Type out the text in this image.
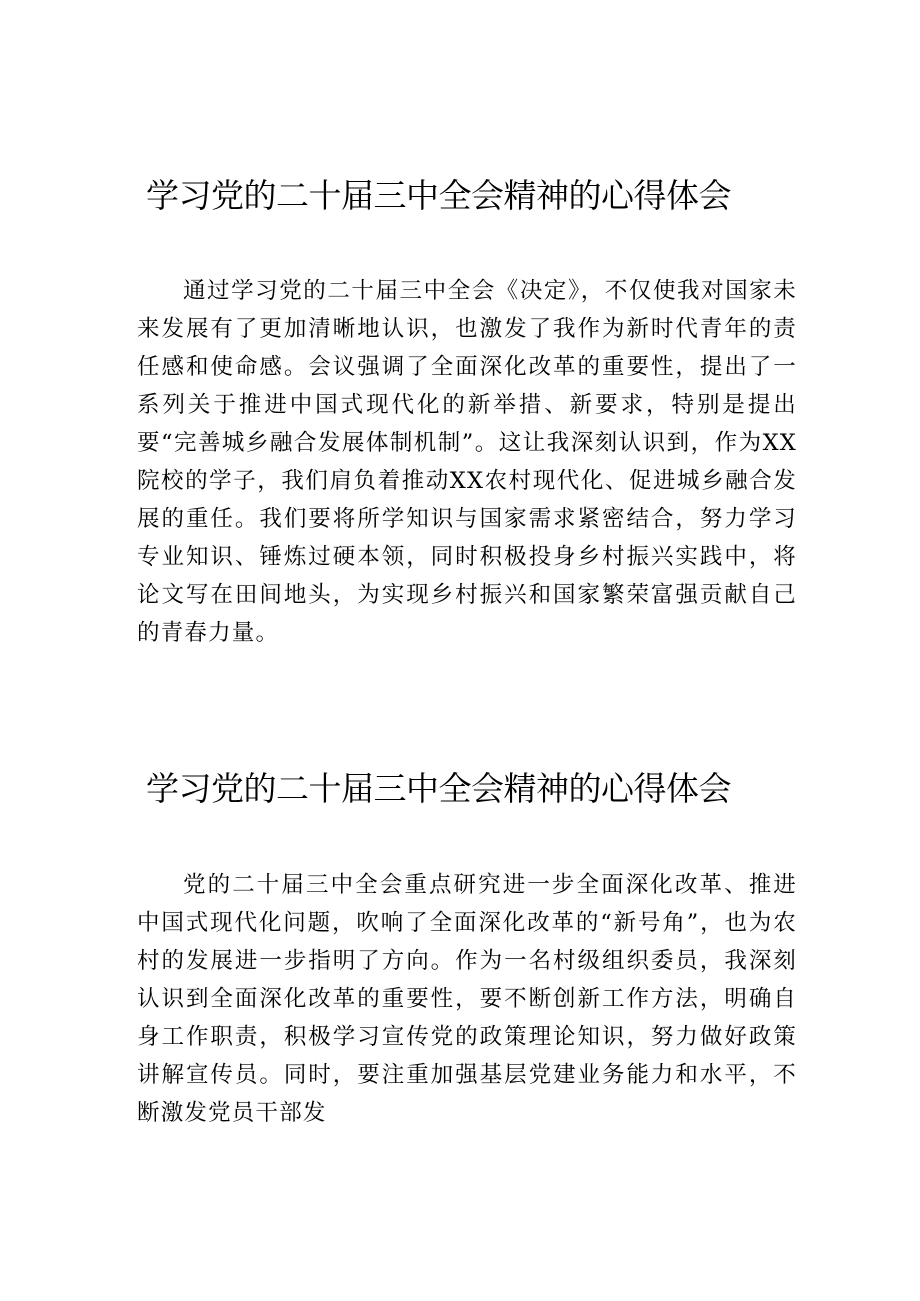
学习党的二十届三中全会精神的心得体会

通过学习党的二十届三中全会《决定》，不仅使我对国家未来发展有了更加清晰地认识，也激发了我作为新时代青年的责任感和使命感。会议强调了全面深化改革的重要性，提出了一系列关于推进中国式现代化的新举措、新要求，特别是提出要“完善城乡融合发展体制机制”。这让我深刻认识到，作为XX院校的学子，我们肩负着推动XX农村现代化、促进城乡融合发展的重任。我们要将所学知识与国家需求紧密结合，努力学习专业知识、锤炼过硬本领，同时积极投身乡村振兴实践中，将论文写在田间地头，为实现乡村振兴和国家繁荣富强贡献自己的青春力量。

学习党的二十届三中全会精神的心得体会

党的二十届三中全会重点研究进一步全面深化改革、推进中国式现代化问题，吹响了全面深化改革的“新号角”，也为农村的发展进一步指明了方向。作为一名村级组织委员，我深刻认识到全面深化改革的重要性，要不断创新工作方法，明确自身工作职责，积极学习宣传党的政策理论知识，努力做好政策讲解宣传员。同时，要注重加强基层党建业务能力和水平，不断激发党员干部发
